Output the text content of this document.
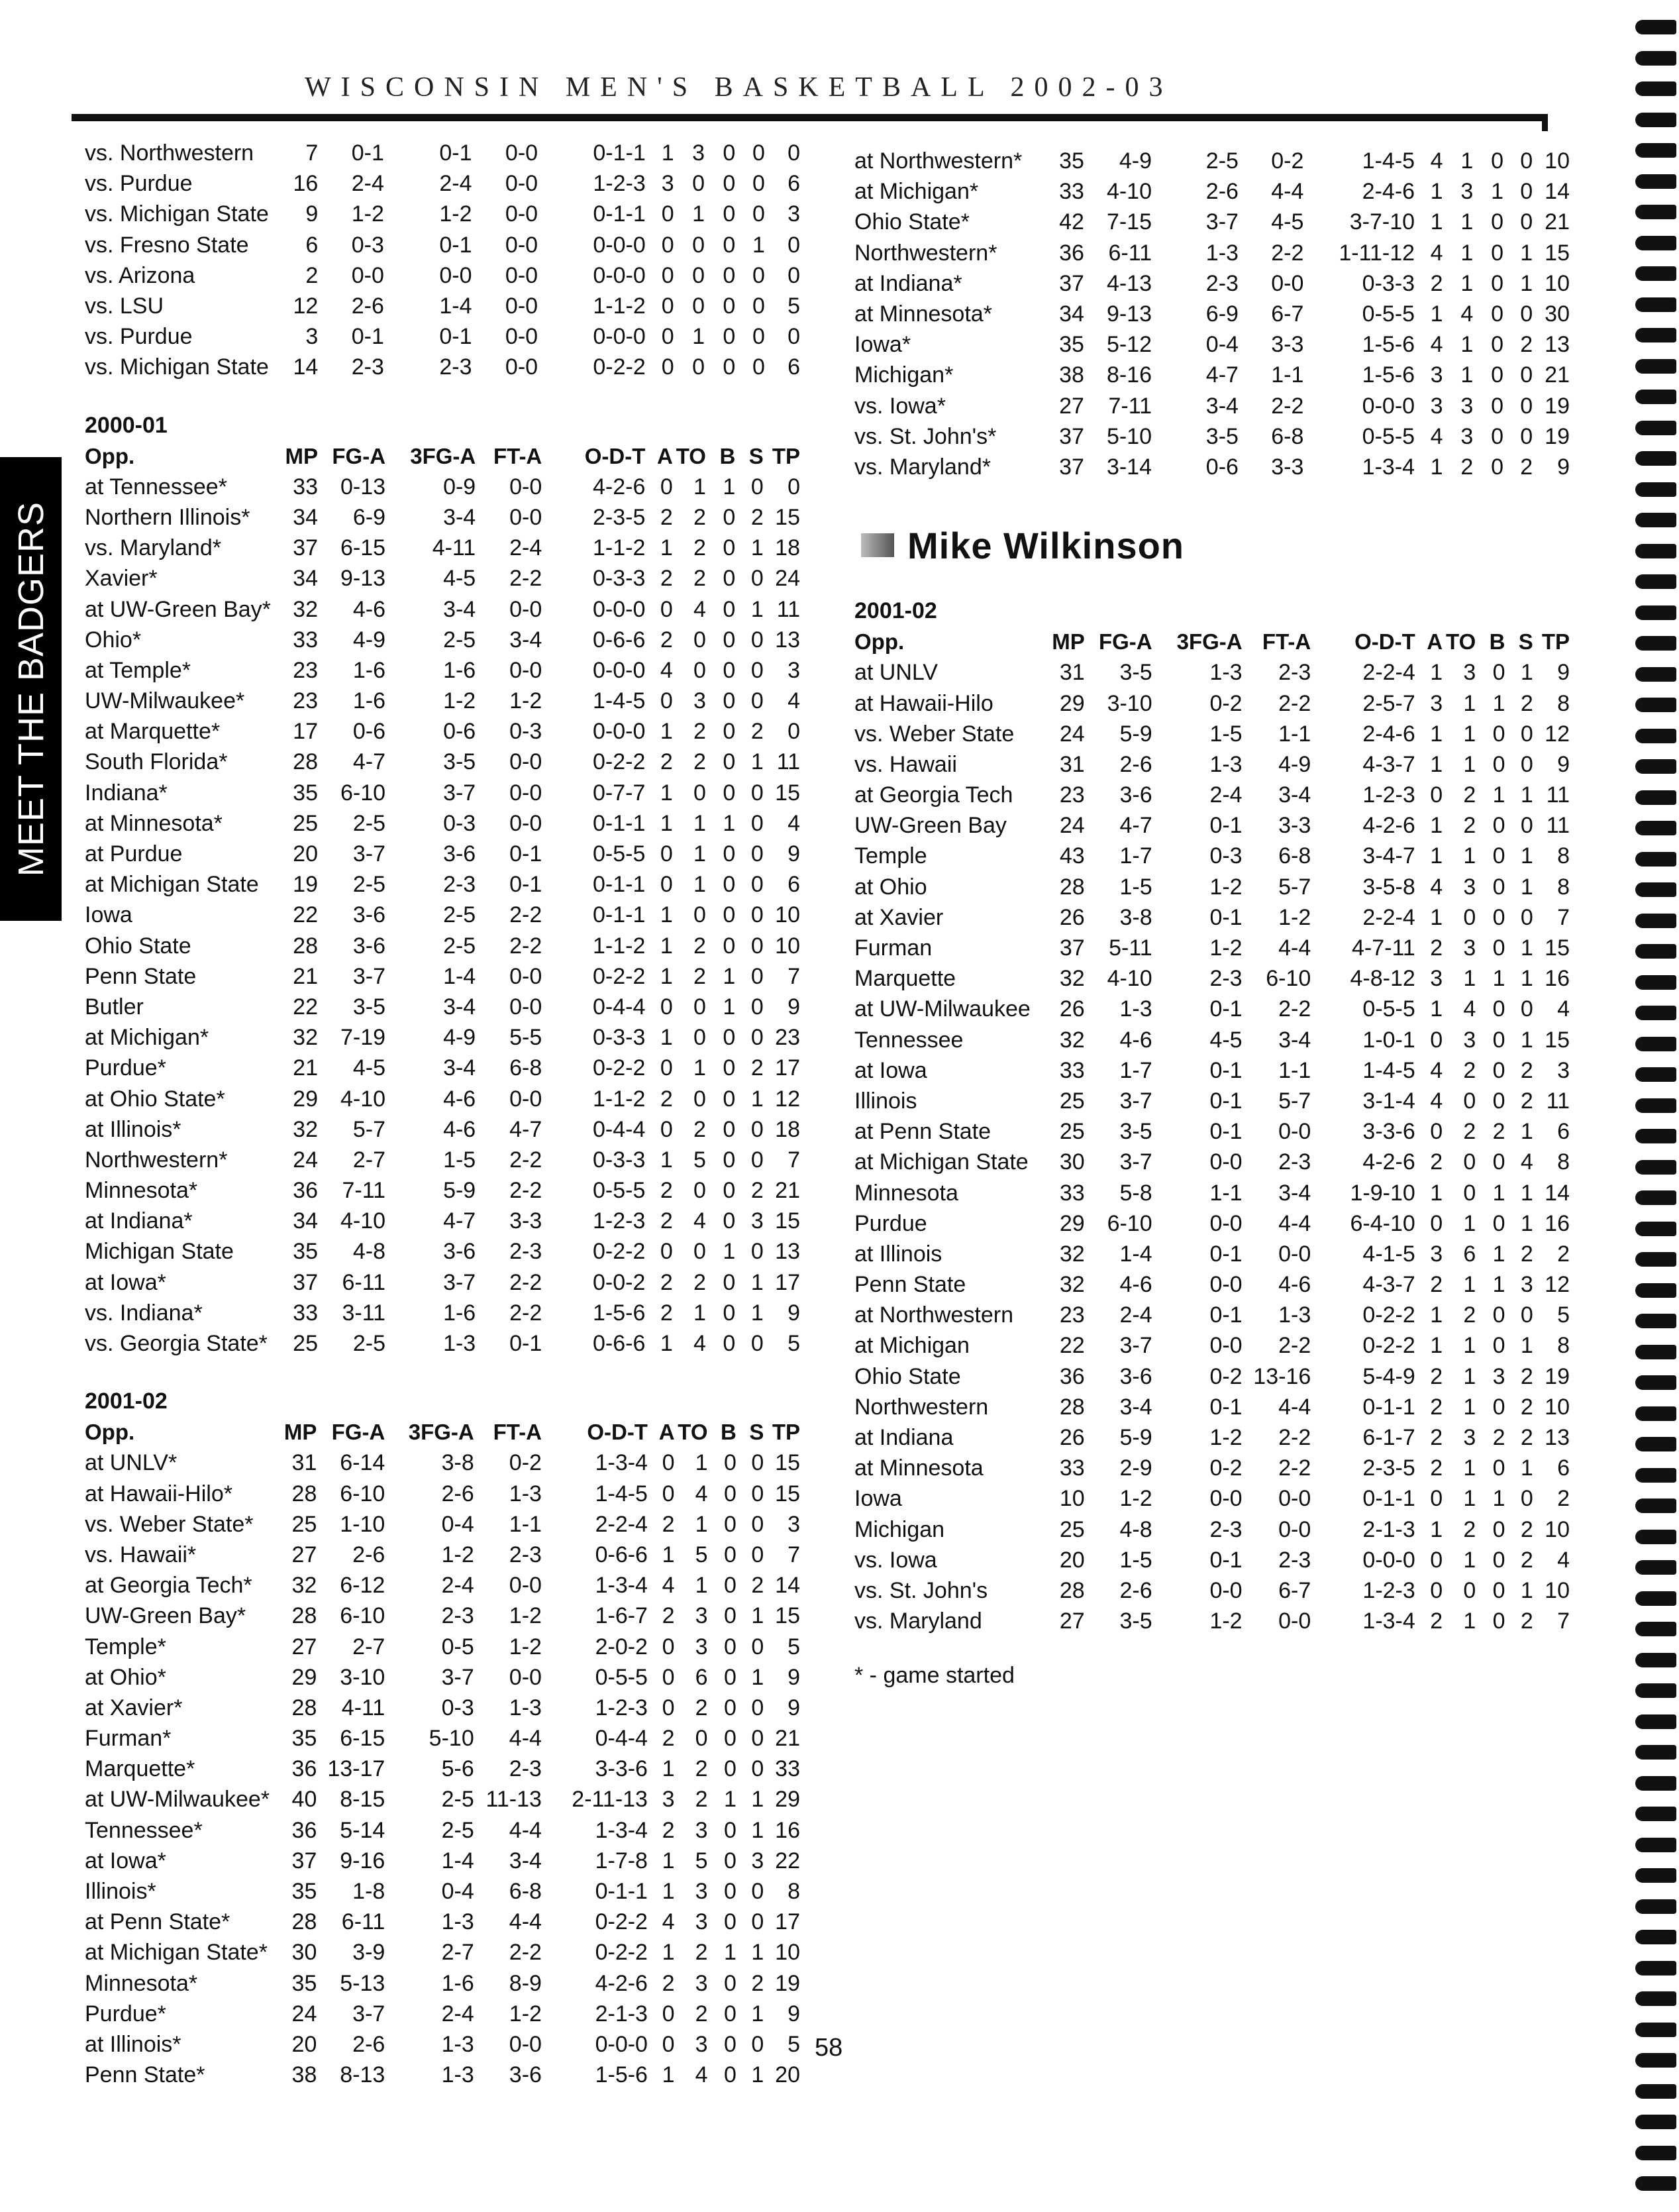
WISCONSIN MEN'S BASKETBALL 2002-03
MEET THE BADGERS
vs. Northwestern	7	0-1	0-1	0-0	0-1-1	1	3	0	0	0
vs. Purdue	16	2-4	2-4	0-0	1-2-3	3	0	0	0	6
vs. Michigan State	9	1-2	1-2	0-0	0-1-1	0	1	0	0	3
vs. Fresno State	6	0-3	0-1	0-0	0-0-0	0	0	0	1	0
vs. Arizona	2	0-0	0-0	0-0	0-0-0	0	0	0	0	0
vs. LSU	12	2-6	1-4	0-0	1-1-2	0	0	0	0	5
vs. Purdue	3	0-1	0-1	0-0	0-0-0	0	1	0	0	0
vs. Michigan State	14	2-3	2-3	0-0	0-2-2	0	0	0	0	6
2000-01
Opp.	MP	FG-A	3FG-A	FT-A	O-D-T	A	TO	B	S	TP
at Tennessee*	33	0-13	0-9	0-0	4-2-6	0	1	1	0	0
Northern Illinois*	34	6-9	3-4	0-0	2-3-5	2	2	0	2	15
vs. Maryland*	37	6-15	4-11	2-4	1-1-2	1	2	0	1	18
Xavier*	34	9-13	4-5	2-2	0-3-3	2	2	0	0	24
at UW-Green Bay*	32	4-6	3-4	0-0	0-0-0	0	4	0	1	11
Ohio*	33	4-9	2-5	3-4	0-6-6	2	0	0	0	13
at Temple*	23	1-6	1-6	0-0	0-0-0	4	0	0	0	3
UW-Milwaukee*	23	1-6	1-2	1-2	1-4-5	0	3	0	0	4
at Marquette*	17	0-6	0-6	0-3	0-0-0	1	2	0	2	0
South Florida*	28	4-7	3-5	0-0	0-2-2	2	2	0	1	11
Indiana*	35	6-10	3-7	0-0	0-7-7	1	0	0	0	15
at Minnesota*	25	2-5	0-3	0-0	0-1-1	1	1	1	0	4
at Purdue	20	3-7	3-6	0-1	0-5-5	0	1	0	0	9
at Michigan State	19	2-5	2-3	0-1	0-1-1	0	1	0	0	6
Iowa	22	3-6	2-5	2-2	0-1-1	1	0	0	0	10
Ohio State	28	3-6	2-5	2-2	1-1-2	1	2	0	0	10
Penn State	21	3-7	1-4	0-0	0-2-2	1	2	1	0	7
Butler	22	3-5	3-4	0-0	0-4-4	0	0	1	0	9
at Michigan*	32	7-19	4-9	5-5	0-3-3	1	0	0	0	23
Purdue*	21	4-5	3-4	6-8	0-2-2	0	1	0	2	17
at Ohio State*	29	4-10	4-6	0-0	1-1-2	2	0	0	1	12
at Illinois*	32	5-7	4-6	4-7	0-4-4	0	2	0	0	18
Northwestern*	24	2-7	1-5	2-2	0-3-3	1	5	0	0	7
Minnesota*	36	7-11	5-9	2-2	0-5-5	2	0	0	2	21
at Indiana*	34	4-10	4-7	3-3	1-2-3	2	4	0	3	15
Michigan State	35	4-8	3-6	2-3	0-2-2	0	0	1	0	13
at Iowa*	37	6-11	3-7	2-2	0-0-2	2	2	0	1	17
vs. Indiana*	33	3-11	1-6	2-2	1-5-6	2	1	0	1	9
vs. Georgia State*	25	2-5	1-3	0-1	0-6-6	1	4	0	0	5
2001-02
Opp.	MP	FG-A	3FG-A	FT-A	O-D-T	A	TO	B	S	TP
at UNLV*	31	6-14	3-8	0-2	1-3-4	0	1	0	0	15
at Hawaii-Hilo*	28	6-10	2-6	1-3	1-4-5	0	4	0	0	15
vs. Weber State*	25	1-10	0-4	1-1	2-2-4	2	1	0	0	3
vs. Hawaii*	27	2-6	1-2	2-3	0-6-6	1	5	0	0	7
at Georgia Tech*	32	6-12	2-4	0-0	1-3-4	4	1	0	2	14
UW-Green Bay*	28	6-10	2-3	1-2	1-6-7	2	3	0	1	15
Temple*	27	2-7	0-5	1-2	2-0-2	0	3	0	0	5
at Ohio*	29	3-10	3-7	0-0	0-5-5	0	6	0	1	9
at Xavier*	28	4-11	0-3	1-3	1-2-3	0	2	0	0	9
Furman*	35	6-15	5-10	4-4	0-4-4	2	0	0	0	21
Marquette*	36	13-17	5-6	2-3	3-3-6	1	2	0	0	33
at UW-Milwaukee*	40	8-15	2-5	11-13	2-11-13	3	2	1	1	29
Tennessee*	36	5-14	2-5	4-4	1-3-4	2	3	0	1	16
at Iowa*	37	9-16	1-4	3-4	1-7-8	1	5	0	3	22
Illinois*	35	1-8	0-4	6-8	0-1-1	1	3	0	0	8
at Penn State*	28	6-11	1-3	4-4	0-2-2	4	3	0	0	17
at Michigan State*	30	3-9	2-7	2-2	0-2-2	1	2	1	1	10
Minnesota*	35	5-13	1-6	8-9	4-2-6	2	3	0	2	19
Purdue*	24	3-7	2-4	1-2	2-1-3	0	2	0	1	9
at Illinois*	20	2-6	1-3	0-0	0-0-0	0	3	0	0	5
Penn State*	38	8-13	1-3	3-6	1-5-6	1	4	0	1	20
at Northwestern*	35	4-9	2-5	0-2	1-4-5	4	1	0	0	10
at Michigan*	33	4-10	2-6	4-4	2-4-6	1	3	1	0	14
Ohio State*	42	7-15	3-7	4-5	3-7-10	1	1	0	0	21
Northwestern*	36	6-11	1-3	2-2	1-11-12	4	1	0	1	15
at Indiana*	37	4-13	2-3	0-0	0-3-3	2	1	0	1	10
at Minnesota*	34	9-13	6-9	6-7	0-5-5	1	4	0	0	30
Iowa*	35	5-12	0-4	3-3	1-5-6	4	1	0	2	13
Michigan*	38	8-16	4-7	1-1	1-5-6	3	1	0	0	21
vs. Iowa*	27	7-11	3-4	2-2	0-0-0	3	3	0	0	19
vs. St. John's*	37	5-10	3-5	6-8	0-5-5	4	3	0	0	19
vs. Maryland*	37	3-14	0-6	3-3	1-3-4	1	2	0	2	9
Mike Wilkinson
2001-02
Opp.	MP	FG-A	3FG-A	FT-A	O-D-T	A	TO	B	S	TP
at UNLV	31	3-5	1-3	2-3	2-2-4	1	3	0	1	9
at Hawaii-Hilo	29	3-10	0-2	2-2	2-5-7	3	1	1	2	8
vs. Weber State	24	5-9	1-5	1-1	2-4-6	1	1	0	0	12
vs. Hawaii	31	2-6	1-3	4-9	4-3-7	1	1	0	0	9
at Georgia Tech	23	3-6	2-4	3-4	1-2-3	0	2	1	1	11
UW-Green Bay	24	4-7	0-1	3-3	4-2-6	1	2	0	0	11
Temple	43	1-7	0-3	6-8	3-4-7	1	1	0	1	8
at Ohio	28	1-5	1-2	5-7	3-5-8	4	3	0	1	8
at Xavier	26	3-8	0-1	1-2	2-2-4	1	0	0	0	7
Furman	37	5-11	1-2	4-4	4-7-11	2	3	0	1	15
Marquette	32	4-10	2-3	6-10	4-8-12	3	1	1	1	16
at UW-Milwaukee	26	1-3	0-1	2-2	0-5-5	1	4	0	0	4
Tennessee	32	4-6	4-5	3-4	1-0-1	0	3	0	1	15
at Iowa	33	1-7	0-1	1-1	1-4-5	4	2	0	2	3
Illinois	25	3-7	0-1	5-7	3-1-4	4	0	0	2	11
at Penn State	25	3-5	0-1	0-0	3-3-6	0	2	2	1	6
at Michigan State	30	3-7	0-0	2-3	4-2-6	2	0	0	4	8
Minnesota	33	5-8	1-1	3-4	1-9-10	1	0	1	1	14
Purdue	29	6-10	0-0	4-4	6-4-10	0	1	0	1	16
at Illinois	32	1-4	0-1	0-0	4-1-5	3	6	1	2	2
Penn State	32	4-6	0-0	4-6	4-3-7	2	1	1	3	12
at Northwestern	23	2-4	0-1	1-3	0-2-2	1	2	0	0	5
at Michigan	22	3-7	0-0	2-2	0-2-2	1	1	0	1	8
Ohio State	36	3-6	0-2	13-16	5-4-9	2	1	3	2	19
Northwestern	28	3-4	0-1	4-4	0-1-1	2	1	0	2	10
at Indiana	26	5-9	1-2	2-2	6-1-7	2	3	2	2	13
at Minnesota	33	2-9	0-2	2-2	2-3-5	2	1	0	1	6
Iowa	10	1-2	0-0	0-0	0-1-1	0	1	1	0	2
Michigan	25	4-8	2-3	0-0	2-1-3	1	2	0	2	10
vs. Iowa	20	1-5	0-1	2-3	0-0-0	0	1	0	2	4
vs. St. John's	28	2-6	0-0	6-7	1-2-3	0	0	0	1	10
vs. Maryland	27	3-5	1-2	0-0	1-3-4	2	1	0	2	7
* - game started
58
